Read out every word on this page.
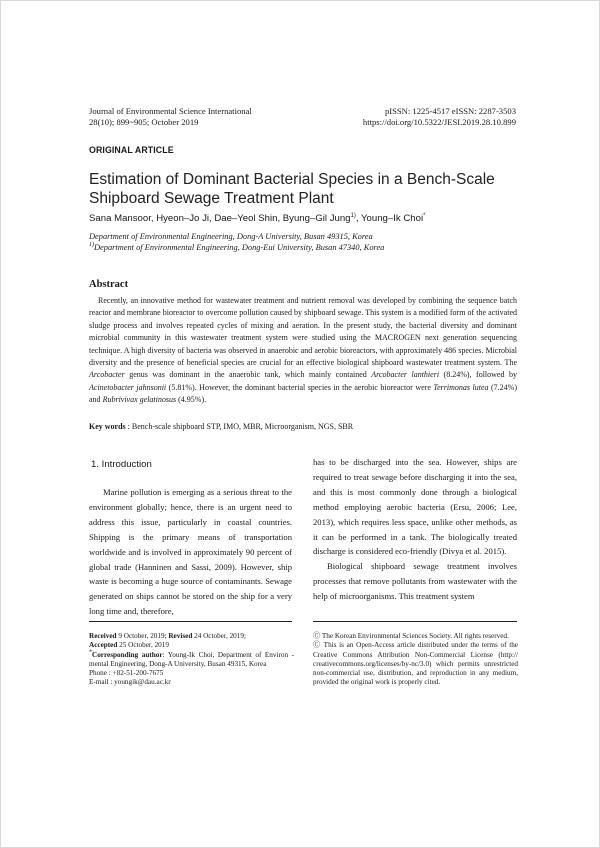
Journal of Environmental Science International
28(10); 899~905; October 2019
pISSN: 1225-4517 eISSN: 2287-3503
https://doi.org/10.5322/JESI.2019.28.10.899
ORIGINAL ARTICLE
Estimation of Dominant Bacterial Species in a Bench-Scale
Shipboard Sewage Treatment Plant
Sana Mansoor, Hyeon–Jo Ji, Dae–Yeol Shin, Byung–Gil Jung$^{1)}$, Young–Ik Choi*
Department of Environmental Engineering, Dong-A University, Busan 49315, Korea
$^{1)}$Department of Environmental Engineering, Dong-Eui University, Busan 47340, Korea
Abstract
Recently, an innovative method for wastewater treatment and nutrient removal was developed by combining the sequence batch reactor and membrane bioreactor to overcome pollution caused by shipboard sewage. This system is a modified form of the activated sludge process and involves repeated cycles of mixing and aeration. In the present study, the bacterial diversity and dominant microbial community in this wastewater treatment system were studied using the MACROGEN next generation sequencing technique. A high diversity of bacteria was observed in anaerobic and aerobic bioreactors, with approximately 486 species. Microbial diversity and the presence of beneficial species are crucial for an effective biological shipboard wastewater treatment system. The Arcobacter genus was dominant in the anaerobic tank, which mainly contained Arcobacter lanthieri (8.24%), followed by Acinetobacter jahnsonii (5.81%). However, the dominant bacterial species in the aerobic bioreactor were Terrimonas lutea (7.24%) and Rubrivivax gelatinosus (4.95%).
Key words : Bench-scale shipboard STP, IMO, MBR, Microorganism, NGS, SBR
1. Introduction

Marine pollution is emerging as a serious threat to the environment globally; hence, there is an urgent need to address this issue, particularly in coastal countries. Shipping is the primary means of transportation worldwide and is involved in approximately 90 percent of global trade (Hanninen and Sassi, 2009). However, ship waste is becoming a huge source of contaminants. Sewage generated on ships cannot be stored on the ship for a very long time and, therefore,

has to be discharged into the sea. However, ships are required to treat sewage before discharging it into the sea, and this is most commonly done through a biological method employing aerobic bacteria (Ersu, 2006; Lee, 2013), which requires less space, unlike other methods, as it can be performed in a tank. The biologically treated discharge is considered eco-friendly (Divya et al. 2015).

Biological shipboard sewage treatment involves processes that remove pollutants from wastewater with the help of microorganisms. This treatment system

Received 9 October, 2019; Revised 24 October, 2019;

Accepted 25 October, 2019

*Corresponding author: Young-Ik Choi, Department of Environ -mental Engineering, Dong-A University, Busan 49315, Korea

Phone : +82-51-200-7675

E-mail : youngik@dau.ac.kr

Ⓒ The Korean Environmental Sciences Society. All rights reserved.

Ⓒ This is an Open-Access article distributed under the terms of the Creative Commons Attribution Non-Commercial License (http:// creativecommons.org/licenses/by-nc/3.0) which permits unrestricted non-commercial use, distribution, and reproduction in any medium, provided the original work is properly cited.
